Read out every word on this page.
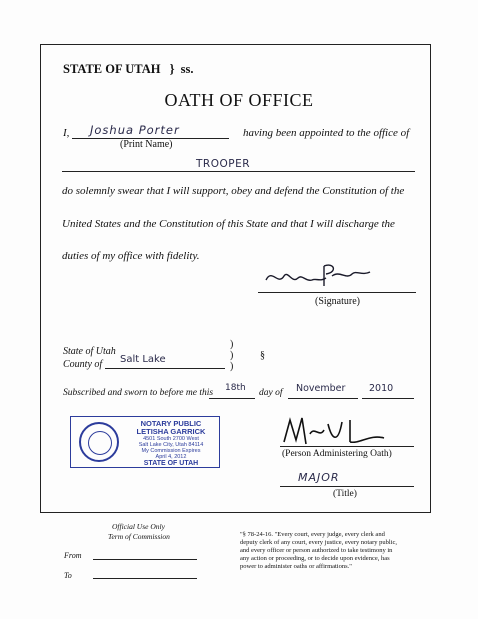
STATE OF UTAH } ss.
OATH OF OFFICE
I, Joshua Porter	having been appointed to the office of
(Print Name)
TROOPER
do solemnly swear that I will support, obey and defend the Constitution of the
United States and the Constitution of this State and that I will discharge the
duties of my office with fidelity.
(Signature)
State of Utah
County of Salt Lake
)
)
)
§
Subscribed and sworn to before me this 18th day of November 2010
NOTARY PUBLIC
LETISHA GARRICK
4501 South 2700 West
Salt Lake City, Utah 84114
My Commission Expires
April 4, 2012
STATE OF UTAH
(Person Administering Oath)
MAJOR
(Title)
Official Use Only
Term of Commission
From
To
"§ 78-24-16. "Every court, every judge, every clerk and
deputy clerk of any court, every justice, every notary public,
and every officer or person authorized to take testimony in
any action or proceeding, or to decide upon evidence, has
power to administer oaths or affirmations."
